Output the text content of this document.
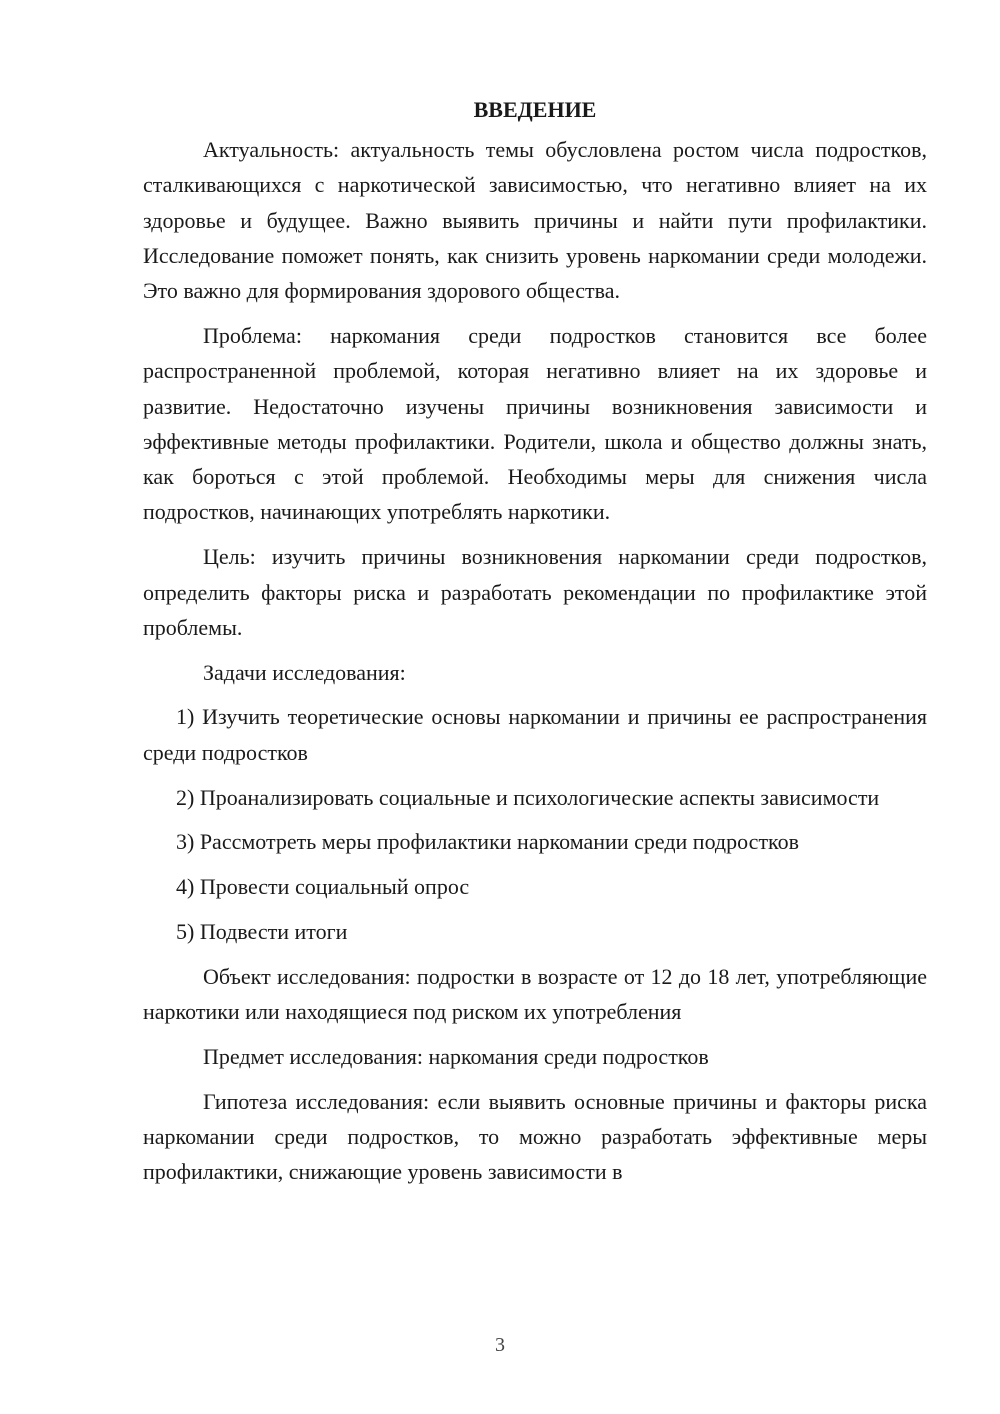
ВВЕДЕНИЕ

Актуальность: актуальность темы обусловлена ростом числа подростков, сталкивающихся с наркотической зависимостью, что негативно влияет на их здоровье и будущее. Важно выявить причины и найти пути профилактики. Исследование поможет понять, как снизить уровень наркомании среди молодежи. Это важно для формирования здорового общества.

Проблема: наркомания среди подростков становится все более распространенной проблемой, которая негативно влияет на их здоровье и развитие. Недостаточно изучены причины возникновения зависимости и эффективные методы профилактики. Родители, школа и общество должны знать, как бороться с этой проблемой. Необходимы меры для снижения числа подростков, начинающих употреблять наркотики.

Цель: изучить причины возникновения наркомании среди подростков, определить факторы риска и разработать рекомендации по профилактике этой проблемы.

Задачи исследования:

1) Изучить теоретические основы наркомании и причины ее распространения среди подростков

2) Проанализировать социальные и психологические аспекты зависимости

3) Рассмотреть меры профилактики наркомании среди подростков

4) Провести социальный опрос

5) Подвести итоги

Объект исследования: подростки в возрасте от 12 до 18 лет, употребляющие наркотики или находящиеся под риском их употребления

Предмет исследования: наркомания среди подростков

Гипотеза исследования: если выявить основные причины и факторы риска наркомании среди подростков, то можно разработать эффективные меры профилактики, снижающие уровень зависимости в

3
